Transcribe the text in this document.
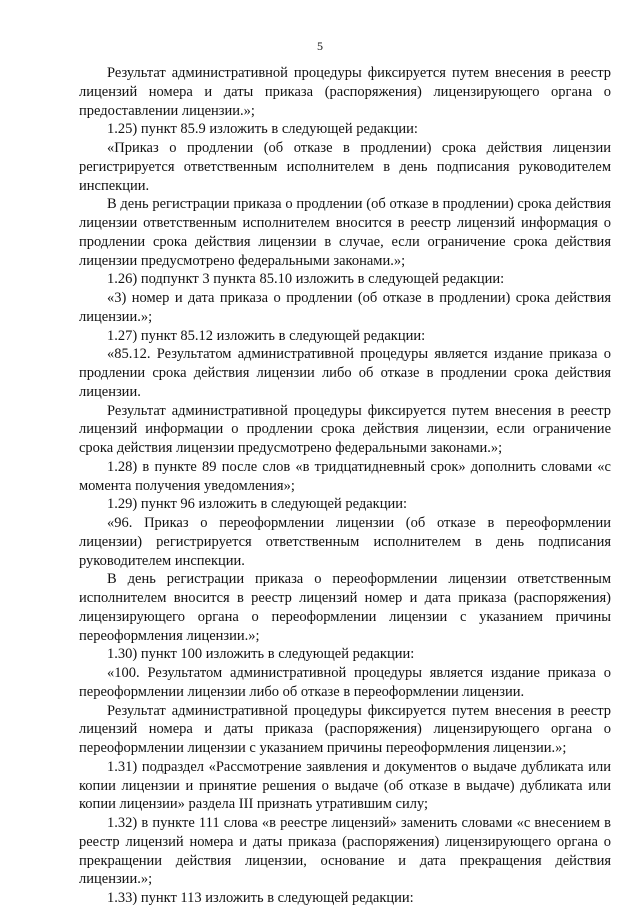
5

Результат административной процедуры фиксируется путем внесения в реестр лицензий номера и даты приказа (распоряжения) лицензирующего органа о предоставлении лицензии.»;

1.25) пункт 85.9 изложить в следующей редакции:

«Приказ о продлении (об отказе в продлении) срока действия лицензии регистрируется ответственным исполнителем в день подписания руководителем инспекции.

В день регистрации приказа о продлении (об отказе в продлении) срока действия лицензии ответственным исполнителем вносится в реестр лицензий информация о продлении срока действия лицензии в случае, если ограничение срока действия лицензии предусмотрено федеральными законами.»;

1.26) подпункт 3 пункта 85.10 изложить в следующей редакции:

«3) номер и дата приказа о продлении (об отказе в продлении) срока действия лицензии.»;

1.27) пункт 85.12 изложить в следующей редакции:

«85.12. Результатом административной процедуры является издание приказа о продлении срока действия лицензии либо об отказе в продлении срока действия лицензии.

Результат административной процедуры фиксируется путем внесения в реестр лицензий информации о продлении срока действия лицензии, если ограничение срока действия лицензии предусмотрено федеральными законами.»;

1.28) в пункте 89 после слов «в тридцатидневный срок» дополнить словами «с момента получения уведомления»;

1.29) пункт 96 изложить в следующей редакции:

«96. Приказ о переоформлении лицензии (об отказе в переоформлении лицензии) регистрируется ответственным исполнителем в день подписания руководителем инспекции.

В день регистрации приказа о переоформлении лицензии ответственным исполнителем вносится в реестр лицензий номер и дата приказа (распоряжения) лицензирующего органа о переоформлении лицензии с указанием причины переоформления лицензии.»;

1.30) пункт 100 изложить в следующей редакции:

«100. Результатом административной процедуры является издание приказа о переоформлении лицензии либо об отказе в переоформлении лицензии.

Результат административной процедуры фиксируется путем внесения в реестр лицензий номера и даты приказа (распоряжения) лицензирующего органа о переоформлении лицензии с указанием причины переоформления лицензии.»;

1.31) подраздел «Рассмотрение заявления и документов о выдаче дубликата или копии лицензии и принятие решения о выдаче (об отказе в выдаче) дубликата или копии лицензии» раздела III признать утратившим силу;

1.32) в пункте 111 слова «в реестре лицензий» заменить словами «с внесением в реестр лицензий номера и даты приказа (распоряжения) лицензирующего органа о прекращении действия лицензии, основание и дата прекращения действия лицензии.»;

1.33) пункт 113 изложить в следующей редакции:
